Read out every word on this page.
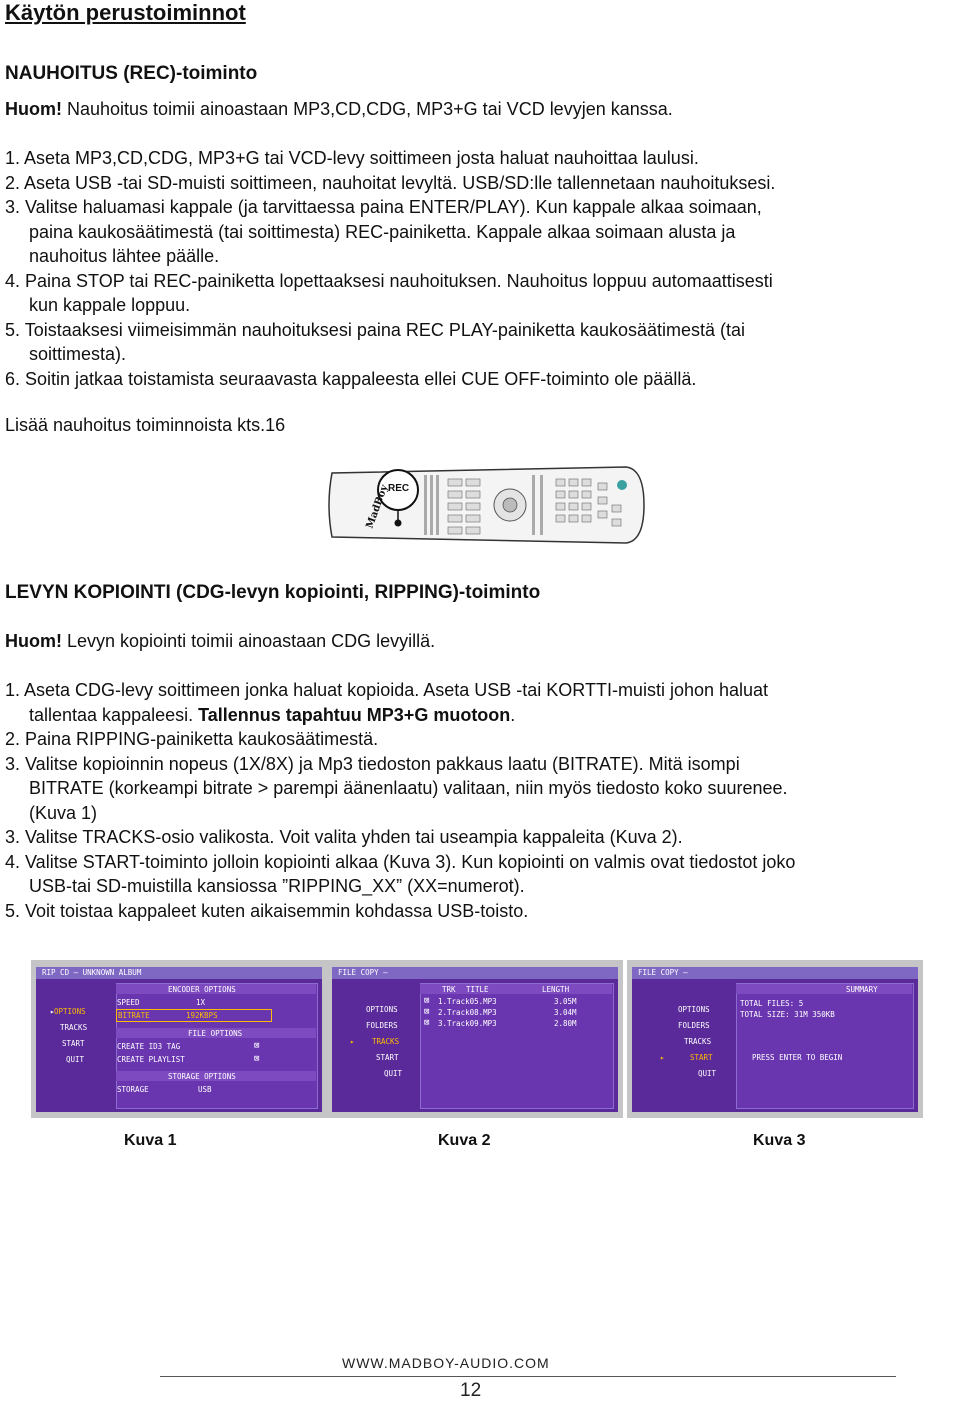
Käytön perustoiminnot
NAUHOITUS (REC)-toiminto
Huom! Nauhoitus toimii ainoastaan MP3,CD,CDG, MP3+G tai VCD levyjen kanssa.
1. Aseta MP3,CD,CDG, MP3+G tai VCD-levy soittimeen josta haluat nauhoittaa laulusi.
2. Aseta USB -tai SD-muisti soittimeen, nauhoitat levyltä. USB/SD:lle tallennetaan nauhoituksesi.
3. Valitse haluamasi kappale (ja tarvittaessa paina ENTER/PLAY). Kun kappale alkaa soimaan,
paina kaukosäätimestä (tai soittimesta) REC-painiketta. Kappale alkaa soimaan alusta ja
nauhoitus lähtee päälle.
4. Paina STOP tai REC-painiketta lopettaaksesi nauhoituksen. Nauhoitus loppuu automaattisesti
kun kappale loppuu.
5. Toistaaksesi viimeisimmän nauhoituksesi paina REC PLAY-painiketta kaukosäätimestä (tai
soittimesta).
6. Soitin jatkaa toistamista seuraavasta kappaleesta ellei CUE OFF-toiminto ole päällä.
Lisää nauhoitus toiminnoista kts.16
MadBoy
REC
LEVYN KOPIOINTI (CDG-levyn kopiointi, RIPPING)-toiminto
Huom! Levyn kopiointi toimii ainoastaan CDG levyillä.
1. Aseta CDG-levy soittimeen jonka haluat kopioida. Aseta USB -tai KORTTI-muisti johon haluat
tallentaa kappaleesi. Tallennus tapahtuu MP3+G muotoon.
2. Paina RIPPING-painiketta kaukosäätimestä.
3. Valitse kopioinnin nopeus (1X/8X) ja Mp3 tiedoston pakkaus laatu (BITRATE). Mitä isompi
BITRATE (korkeampi bitrate > parempi äänenlaatu) valitaan, niin myös tiedosto koko suurenee.
(Kuva 1)
3. Valitse TRACKS-osio valikosta. Voit valita yhden tai useampia kappaleita (Kuva 2).
4. Valitse START-toiminto jolloin kopiointi alkaa (Kuva 3). Kun kopiointi on valmis ovat tiedostot joko
USB-tai SD-muistilla kansiossa ”RIPPING_XX” (XX=numerot).
5. Voit toistaa kappaleet kuten aikaisemmin kohdassa USB-toisto.
RIP CD – UNKNOWN ALBUM
▸ OPTIONS
TRACKS
START
QUIT
ENCODER OPTIONS
SPEED	1X
BITRATE	192KBPS
FILE OPTIONS
CREATE ID3 TAG	⊠
CREATE PLAYLIST	⊠
STORAGE OPTIONS
STORAGE	USB
FILE COPY –
OPTIONS
FOLDERS
▸ TRACKS
START
QUIT
TRK TITLE	LENGTH
⊠ 1.Track05.MP3	3.05M
⊠ 2.Track08.MP3	3.04M
⊠ 3.Track09.MP3	2.80M
FILE COPY –
OPTIONS
FOLDERS
TRACKS
▸	START
QUIT
SUMMARY
TOTAL FILES: 5
TOTAL SIZE: 31M 350KB
PRESS ENTER TO BEGIN
Kuva 1	Kuva 2	Kuva 3
WWW.MADBOY-AUDIO.COM
12
